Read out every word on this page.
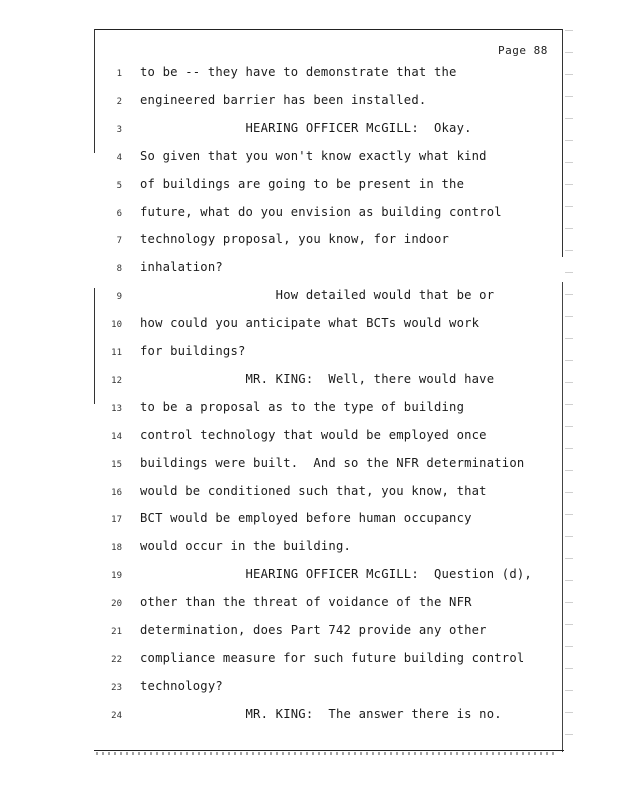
Page 88
1 to be -- they have to demonstrate that the
2 engineered barrier has been installed.
3 HEARING OFFICER McGILL:  Okay.
4 So given that you won't know exactly what kind
5 of buildings are going to be present in the
6 future, what do you envision as building control
7 technology proposal, you know, for indoor
8 inhalation?
9 How detailed would that be or
10 how could you anticipate what BCTs would work
11 for buildings?
12 MR. KING:  Well, there would have
13 to be a proposal as to the type of building
14 control technology that would be employed once
15 buildings were built.  And so the NFR determination
16 would be conditioned such that, you know, that
17 BCT would be employed before human occupancy
18 would occur in the building.
19 HEARING OFFICER McGILL:  Question (d),
20 other than the threat of voidance of the NFR
21 determination, does Part 742 provide any other
22 compliance measure for such future building control
23 technology?
24 MR. KING:  The answer there is no.
